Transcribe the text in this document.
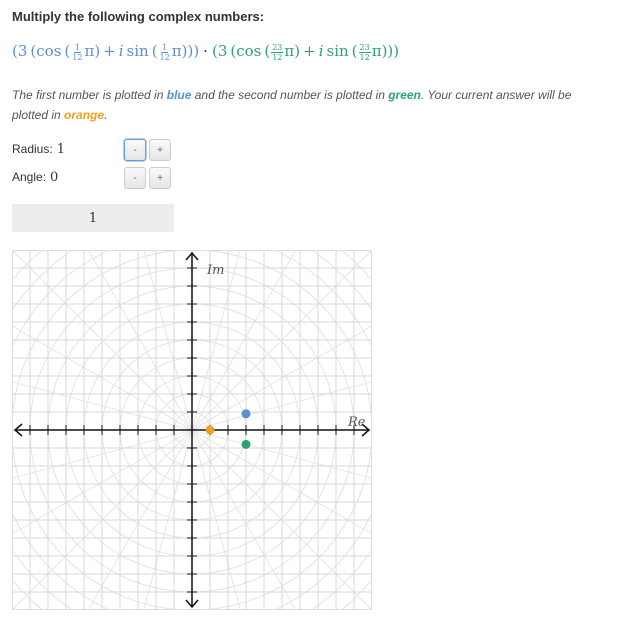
Multiply the following complex numbers:
(3 (cos ( $\frac{1}{12} \pi) + i$  sin ( $\frac{1}{12} \pi))) \cdot (3$ (cos ( $\frac{23}{12} \pi) + i$  sin ( $\frac{23}{12} \pi$)))
The first number is plotted in blue and the second number is plotted in green. Your current answer will be plotted in orange.
Radius: 1	-	+
Angle: 0	-	+
1
Im
Re
